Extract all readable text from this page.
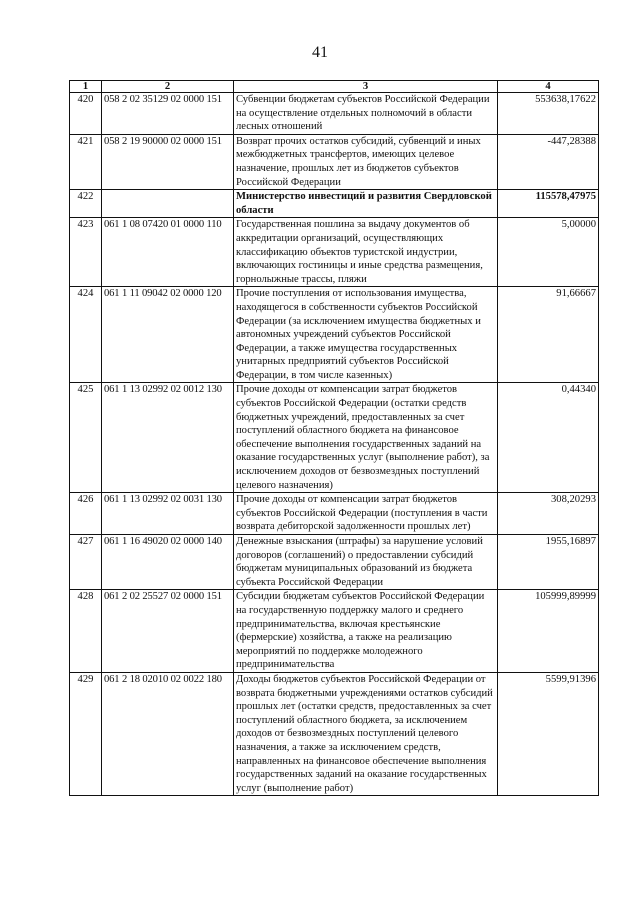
41
1	2	3	4
420	058 2 02 35129 02 0000 151	Субвенции бюджетам субъектов Российской Федерации на осуществление отдельных полномочий в области лесных отношений	553638,17622
421	058 2 19 90000 02 0000 151	Возврат прочих остатков субсидий, субвенций и иных межбюджетных трансфертов, имеющих целевое назначение, прошлых лет из бюджетов субъектов Российской Федерации	-447,28388
422		Министерство инвестиций и развития Свердловской области	115578,47975
423	061 1 08 07420 01 0000 110	Государственная пошлина за выдачу документов об аккредитации организаций, осуществляющих классификацию объектов туристской индустрии, включающих гостиницы и иные средства размещения, горнолыжные трассы, пляжи	5,00000
424	061 1 11 09042 02 0000 120	Прочие поступления от использования имущества, находящегося в собственности субъектов Российской Федерации (за исключением имущества бюджетных и автономных учреждений субъектов Российской Федерации, а также имущества государственных унитарных предприятий субъектов Российской Федерации, в том числе казенных)	91,66667
425	061 1 13 02992 02 0012 130	Прочие доходы от компенсации затрат бюджетов субъектов Российской Федерации (остатки средств бюджетных учреждений, предоставленных за счет поступлений областного бюджета на финансовое обеспечение выполнения государственных заданий на оказание государственных услуг (выполнение работ), за исключением доходов от безвозмездных поступлений целевого назначения)	0,44340
426	061 1 13 02992 02 0031 130	Прочие доходы от компенсации затрат бюджетов субъектов Российской Федерации (поступления в части возврата дебиторской задолженности прошлых лет)	308,20293
427	061 1 16 49020 02 0000 140	Денежные взыскания (штрафы) за нарушение условий договоров (соглашений) о предоставлении субсидий бюджетам муниципальных образований из бюджета субъекта Российской Федерации	1955,16897
428	061 2 02 25527 02 0000 151	Субсидии бюджетам субъектов Российской Федерации на государственную поддержку малого и среднего предпринимательства, включая крестьянские (фермерские) хозяйства, а также на реализацию мероприятий по поддержке молодежного предпринимательства	105999,89999
429	061 2 18 02010 02 0022 180	Доходы бюджетов субъектов Российской Федерации от возврата бюджетными учреждениями остатков субсидий прошлых лет (остатки средств, предоставленных за счет поступлений областного бюджета, за исключением доходов от безвозмездных поступлений целевого назначения, а также за исключением средств, направленных на финансовое обеспечение выполнения государственных заданий на оказание государственных услуг (выполнение работ)	5599,91396
